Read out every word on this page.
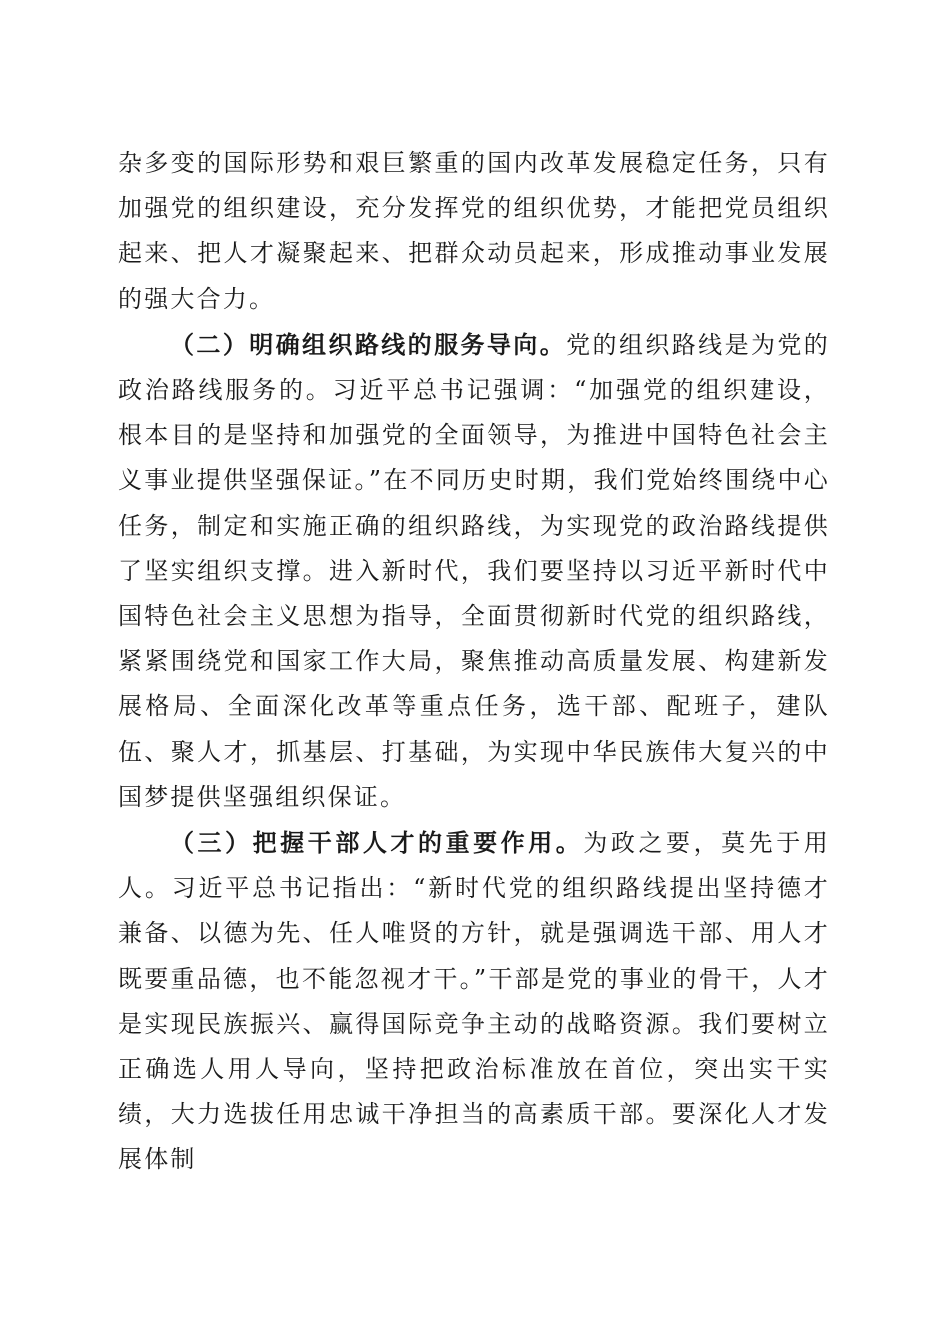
杂多变的国际形势和艰巨繁重的国内改革发展稳定任务，只有加强党的组织建设，充分发挥党的组织优势，才能把党员组织起来、把人才凝聚起来、把群众动员起来，形成推动事业发展的强大合力。

（二）明确组织路线的服务导向。党的组织路线是为党的政治路线服务的。习近平总书记强调：“加强党的组织建设，根本目的是坚持和加强党的全面领导，为推进中国特色社会主义事业提供坚强保证。”在不同历史时期，我们党始终围绕中心任务，制定和实施正确的组织路线，为实现党的政治路线提供了坚实组织支撑。进入新时代，我们要坚持以习近平新时代中国特色社会主义思想为指导，全面贯彻新时代党的组织路线，紧紧围绕党和国家工作大局，聚焦推动高质量发展、构建新发展格局、全面深化改革等重点任务，选干部、配班子，建队伍、聚人才，抓基层、打基础，为实现中华民族伟大复兴的中国梦提供坚强组织保证。

（三）把握干部人才的重要作用。为政之要，莫先于用人。习近平总书记指出：“新时代党的组织路线提出坚持德才兼备、以德为先、任人唯贤的方针，就是强调选干部、用人才既要重品德，也不能忽视才干。”干部是党的事业的骨干，人才是实现民族振兴、赢得国际竞争主动的战略资源。我们要树立正确选人用人导向，坚持把政治标准放在首位，突出实干实绩，大力选拔任用忠诚干净担当的高素质干部。要深化人才发展体制
